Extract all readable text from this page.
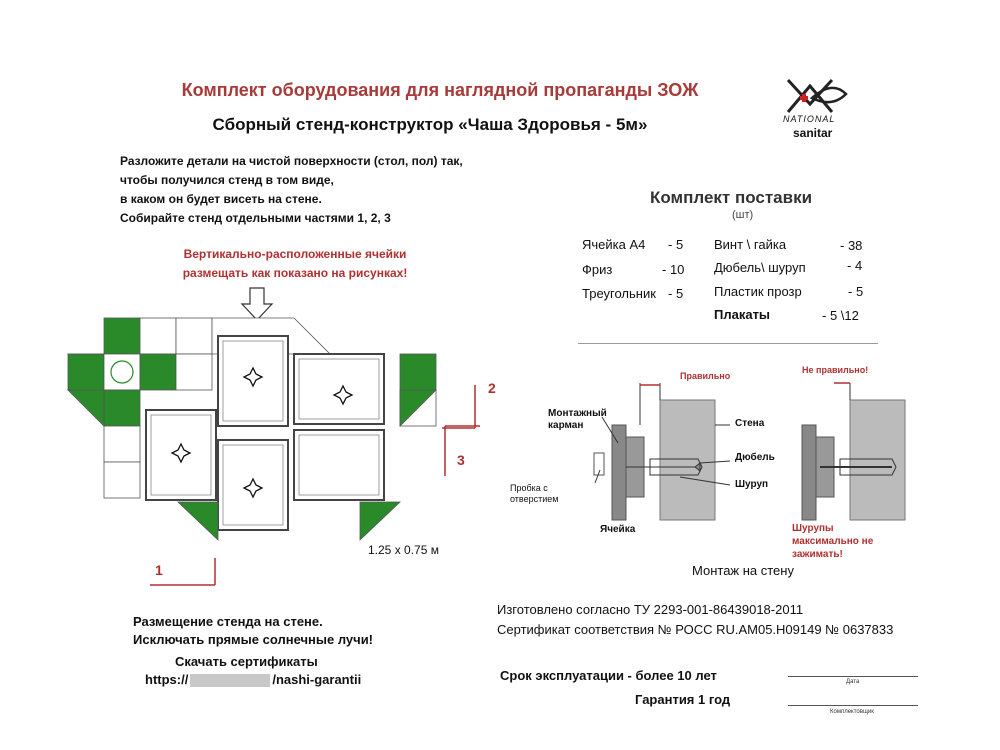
Комплект оборудования для наглядной пропаганды ЗОЖ
Сборный стенд-конструктор «Чаша Здоровья - 5м»	NATIONAL
sanitar
Разложите детали на чистой поверхности (стол, пол) так,
чтобы получился стенд в том виде,
в каком он будет висеть на стене.
Собирайте стенд отдельными частями 1, 2, 3
Вертикально-расположенные ячейки
размещать как показано на рисунках!
Комплект поставки
(шт)
Ячейка А4 - 5
Фриз	- 10
Треугольник - 5
Винт \ гайка	- 38
Дюбель\ шуруп	- 4
Пластик прозр	- 5
Плакаты	- 5 \12
2
3
1
1.25 x 0.75 м
Правильно
Не правильно!
Монтажный карман	Стена
Дюбель
Пробка с отверстием
Шуруп
Ячейка	Шурупы максимально не зажимать!
Монтаж на стену
Размещение стенда на стене.
Исключать прямые солнечные лучи!
Скачать сертификаты
https://	/nashi-garantii
Изготовлено согласно ТУ 2293-001-86439018-2011
Сертификат соответствия № РОСС RU.АМ05.Н09149 № 0637833
Срок эксплуатации - более 10 лет
Гарантия 1 год
Дата
Комплектовщик
